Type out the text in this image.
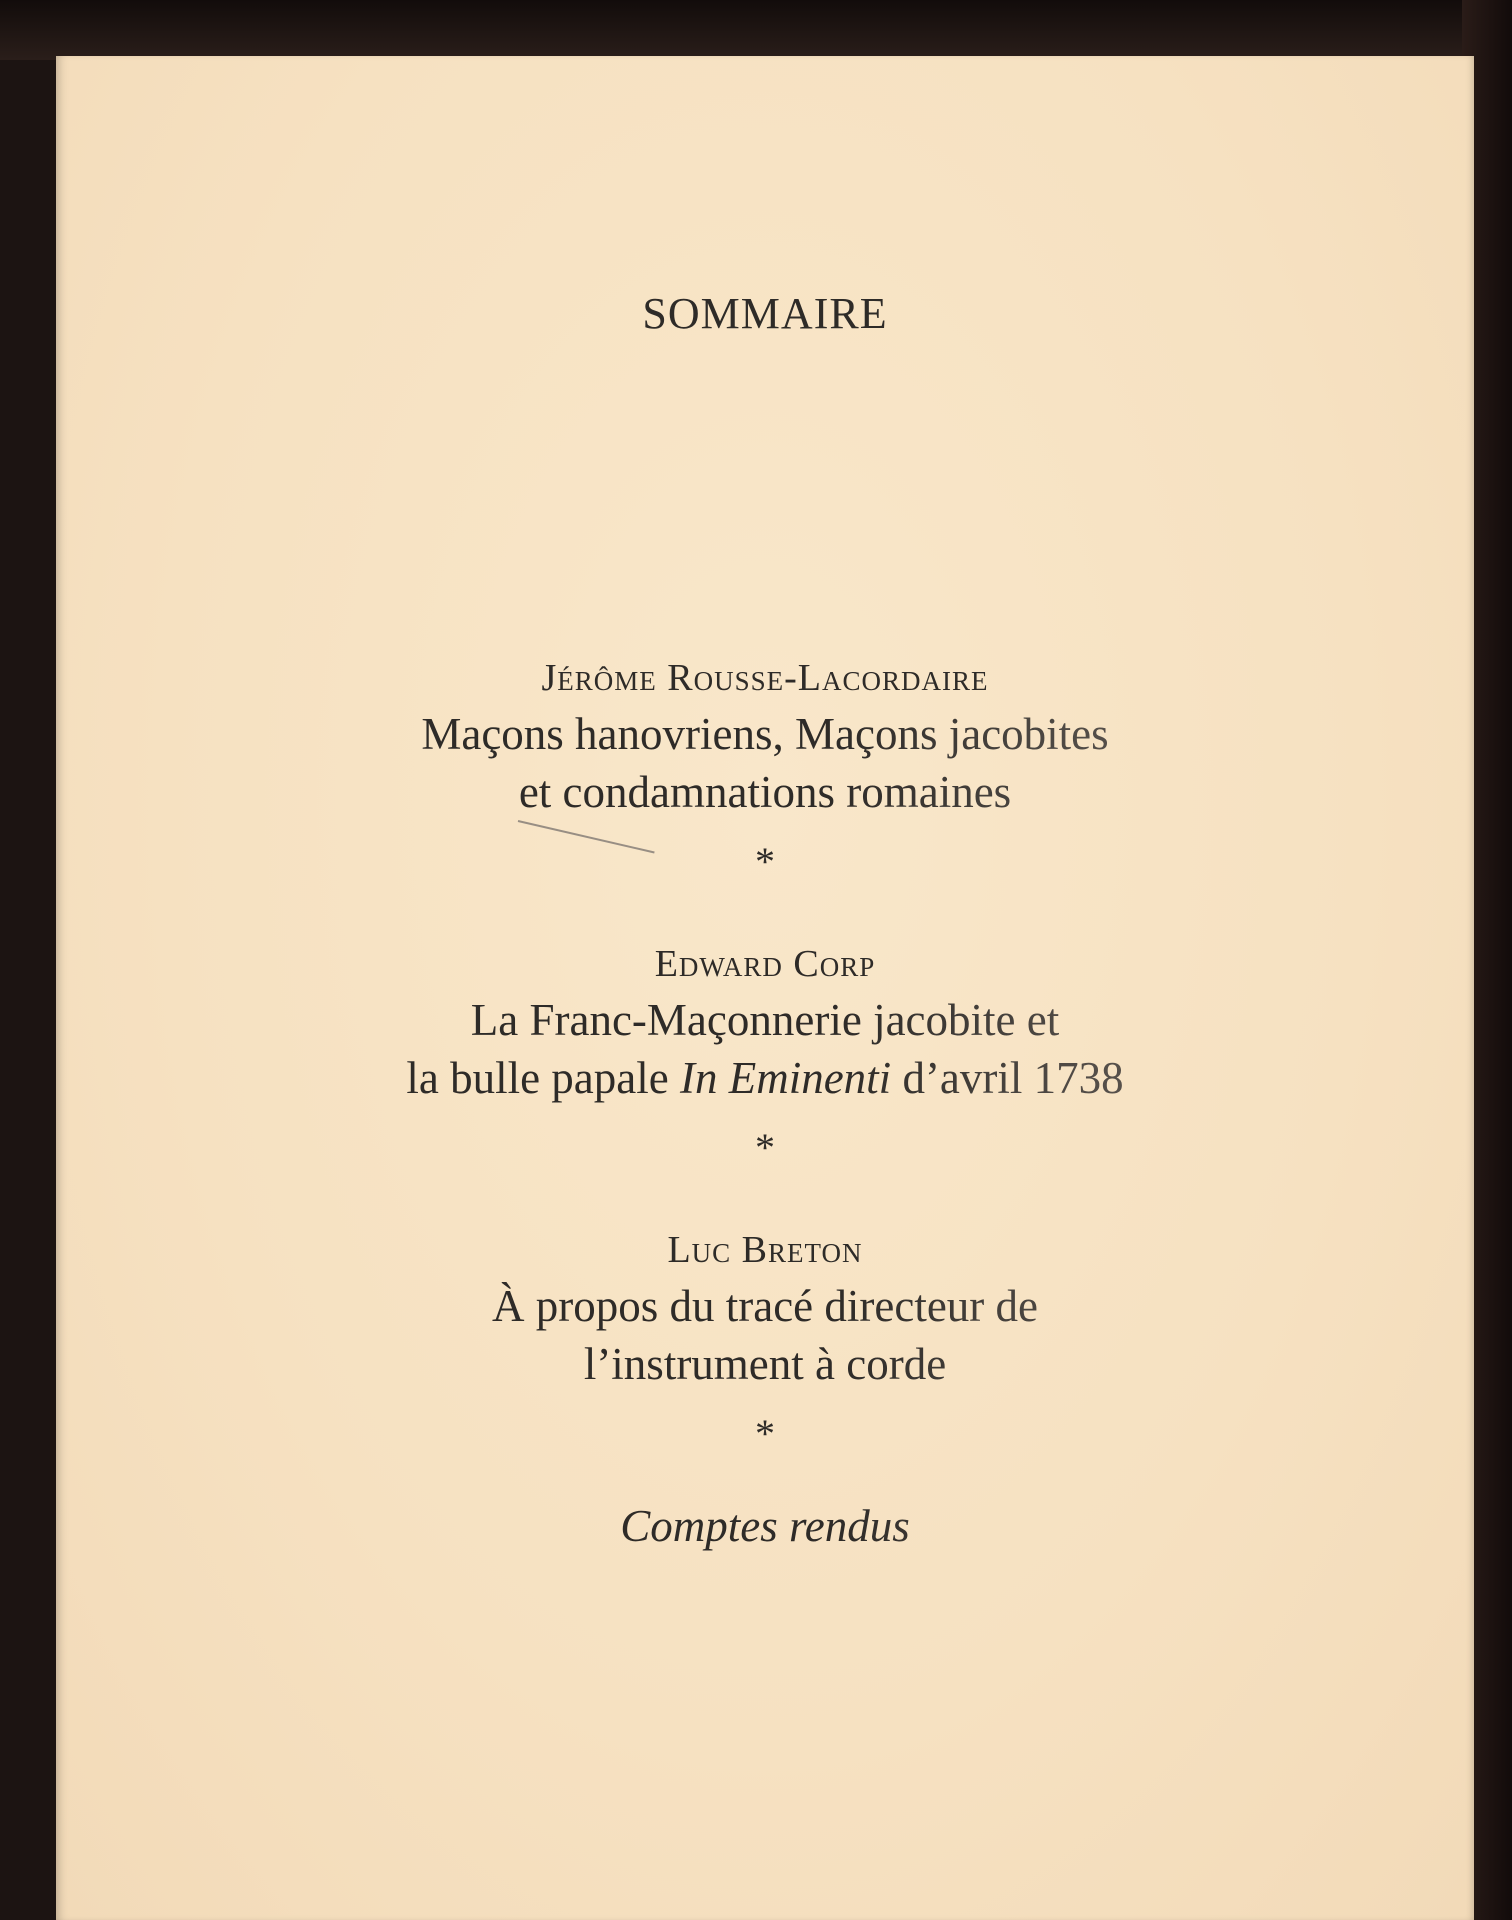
SOMMAIRE
Jérôme Rousse-Lacordaire
Maçons hanovriens, Maçons jacobites
et condamnations romaines
*
Edward Corp
La Franc-Maçonnerie jacobite et
la bulle papale In Eminenti d’avril 1738
*
Luc Breton
À propos du tracé directeur de
l’instrument à corde
*
Comptes rendus
